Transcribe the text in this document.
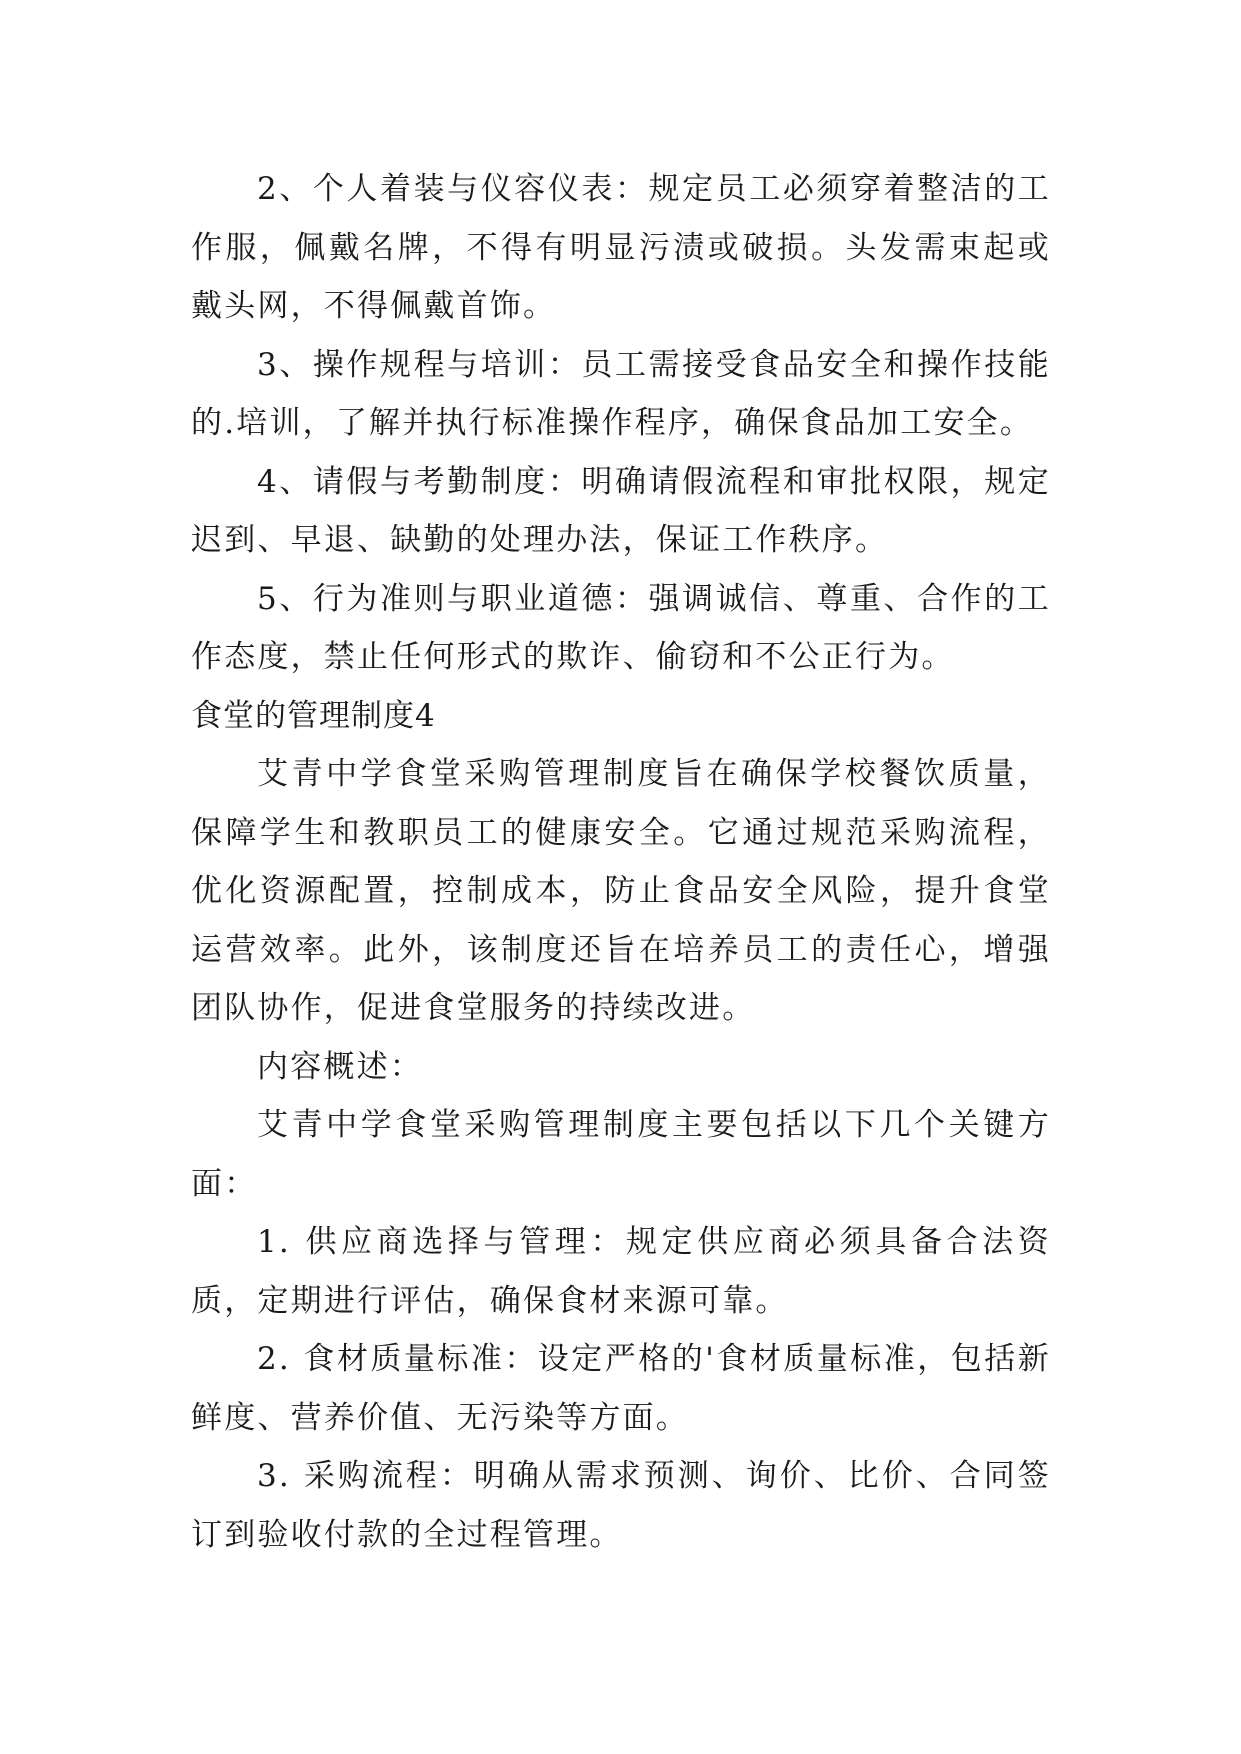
2、个人着装与仪容仪表：规定员工必须穿着整洁的工作服，佩戴名牌，不得有明显污渍或破损。头发需束起或戴头网，不得佩戴首饰。

3、操作规程与培训：员工需接受食品安全和操作技能的.培训，了解并执行标准操作程序，确保食品加工安全。

4、请假与考勤制度：明确请假流程和审批权限，规定迟到、早退、缺勤的处理办法，保证工作秩序。

5、行为准则与职业道德：强调诚信、尊重、合作的工作态度，禁止任何形式的欺诈、偷窃和不公正行为。

食堂的管理制度4

艾青中学食堂采购管理制度旨在确保学校餐饮质量，保障学生和教职员工的健康安全。它通过规范采购流程，优化资源配置，控制成本，防止食品安全风险，提升食堂运营效率。此外，该制度还旨在培养员工的责任心，增强团队协作，促进食堂服务的持续改进。

内容概述：

艾青中学食堂采购管理制度主要包括以下几个关键方面：

1. 供应商选择与管理：规定供应商必须具备合法资质，定期进行评估，确保食材来源可靠。

2. 食材质量标准：设定严格的'食材质量标准，包括新鲜度、营养价值、无污染等方面。

3. 采购流程：明确从需求预测、询价、比价、合同签订到验收付款的全过程管理。
